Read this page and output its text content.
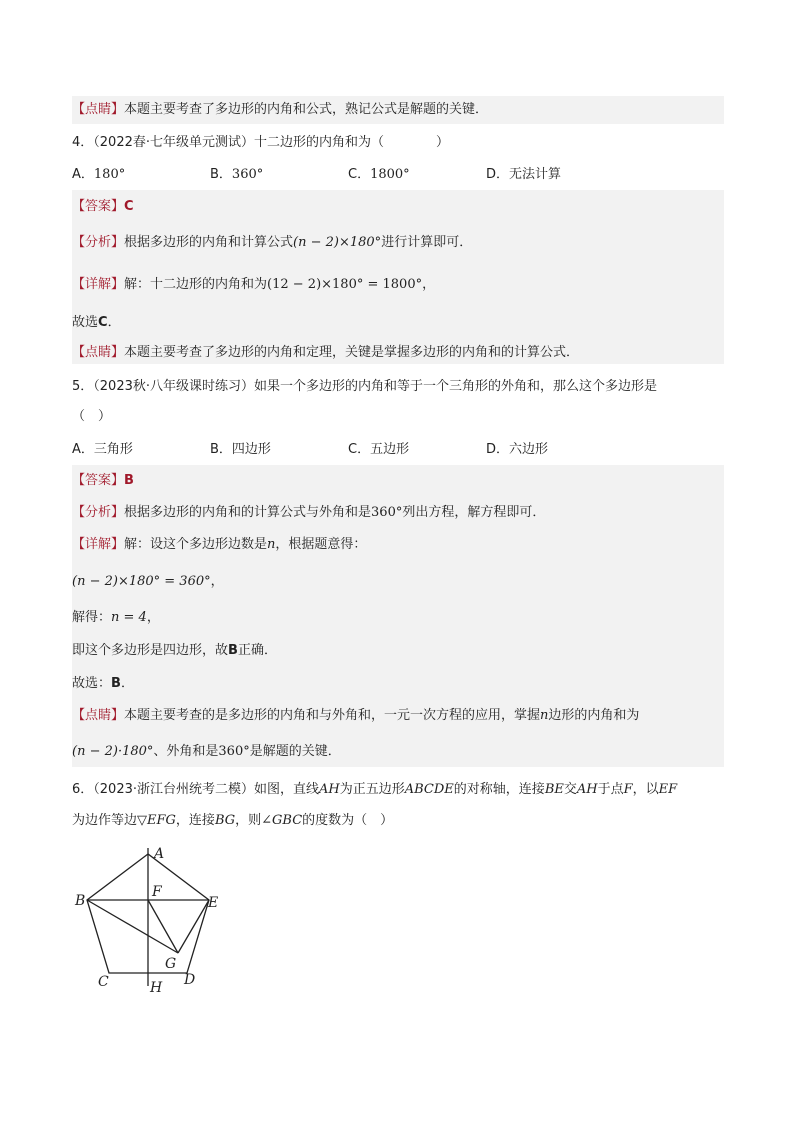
【点睛】本题主要考查了多边形的内角和公式，熟记公式是解题的关键．
4．（2022春·七年级单元测试）十二边形的内角和为（　　　　）
A．180°	B．360°	C．1800°	D．无法计算
【答案】C
【分析】根据多边形的内角和计算公式(n − 2)×180°进行计算即可．
【详解】解：十二边形的内角和为(12 − 2)×180° = 1800°，
故选C．
【点睛】本题主要考查了多边形的内角和定理，关键是掌握多边形的内角和的计算公式．
5．（2023秋·八年级课时练习）如果一个多边形的内角和等于一个三角形的外角和，那么这个多边形是
（　）
A．三角形	B．四边形	C．五边形	D．六边形
【答案】B
【分析】根据多边形的内角和的计算公式与外角和是360°列出方程，解方程即可．
【详解】解：设这个多边形边数是n，根据题意得：
(n − 2)×180° = 360°，
解得：n = 4，
即这个多边形是四边形，故B正确．
故选：B．
【点睛】本题主要考查的是多边形的内角和与外角和，一元一次方程的应用，掌握n边形的内角和为
(n − 2)·180°、外角和是360°是解题的关键．
6．（2023·浙江台州统考二模）如图，直线AH为正五边形ABCDE的对称轴，连接BE交AH于点F，以EF
为边作等边▽EFG，连接BG，则∠GBC的度数为（　）
A
B
F
E
G
C	D
H
